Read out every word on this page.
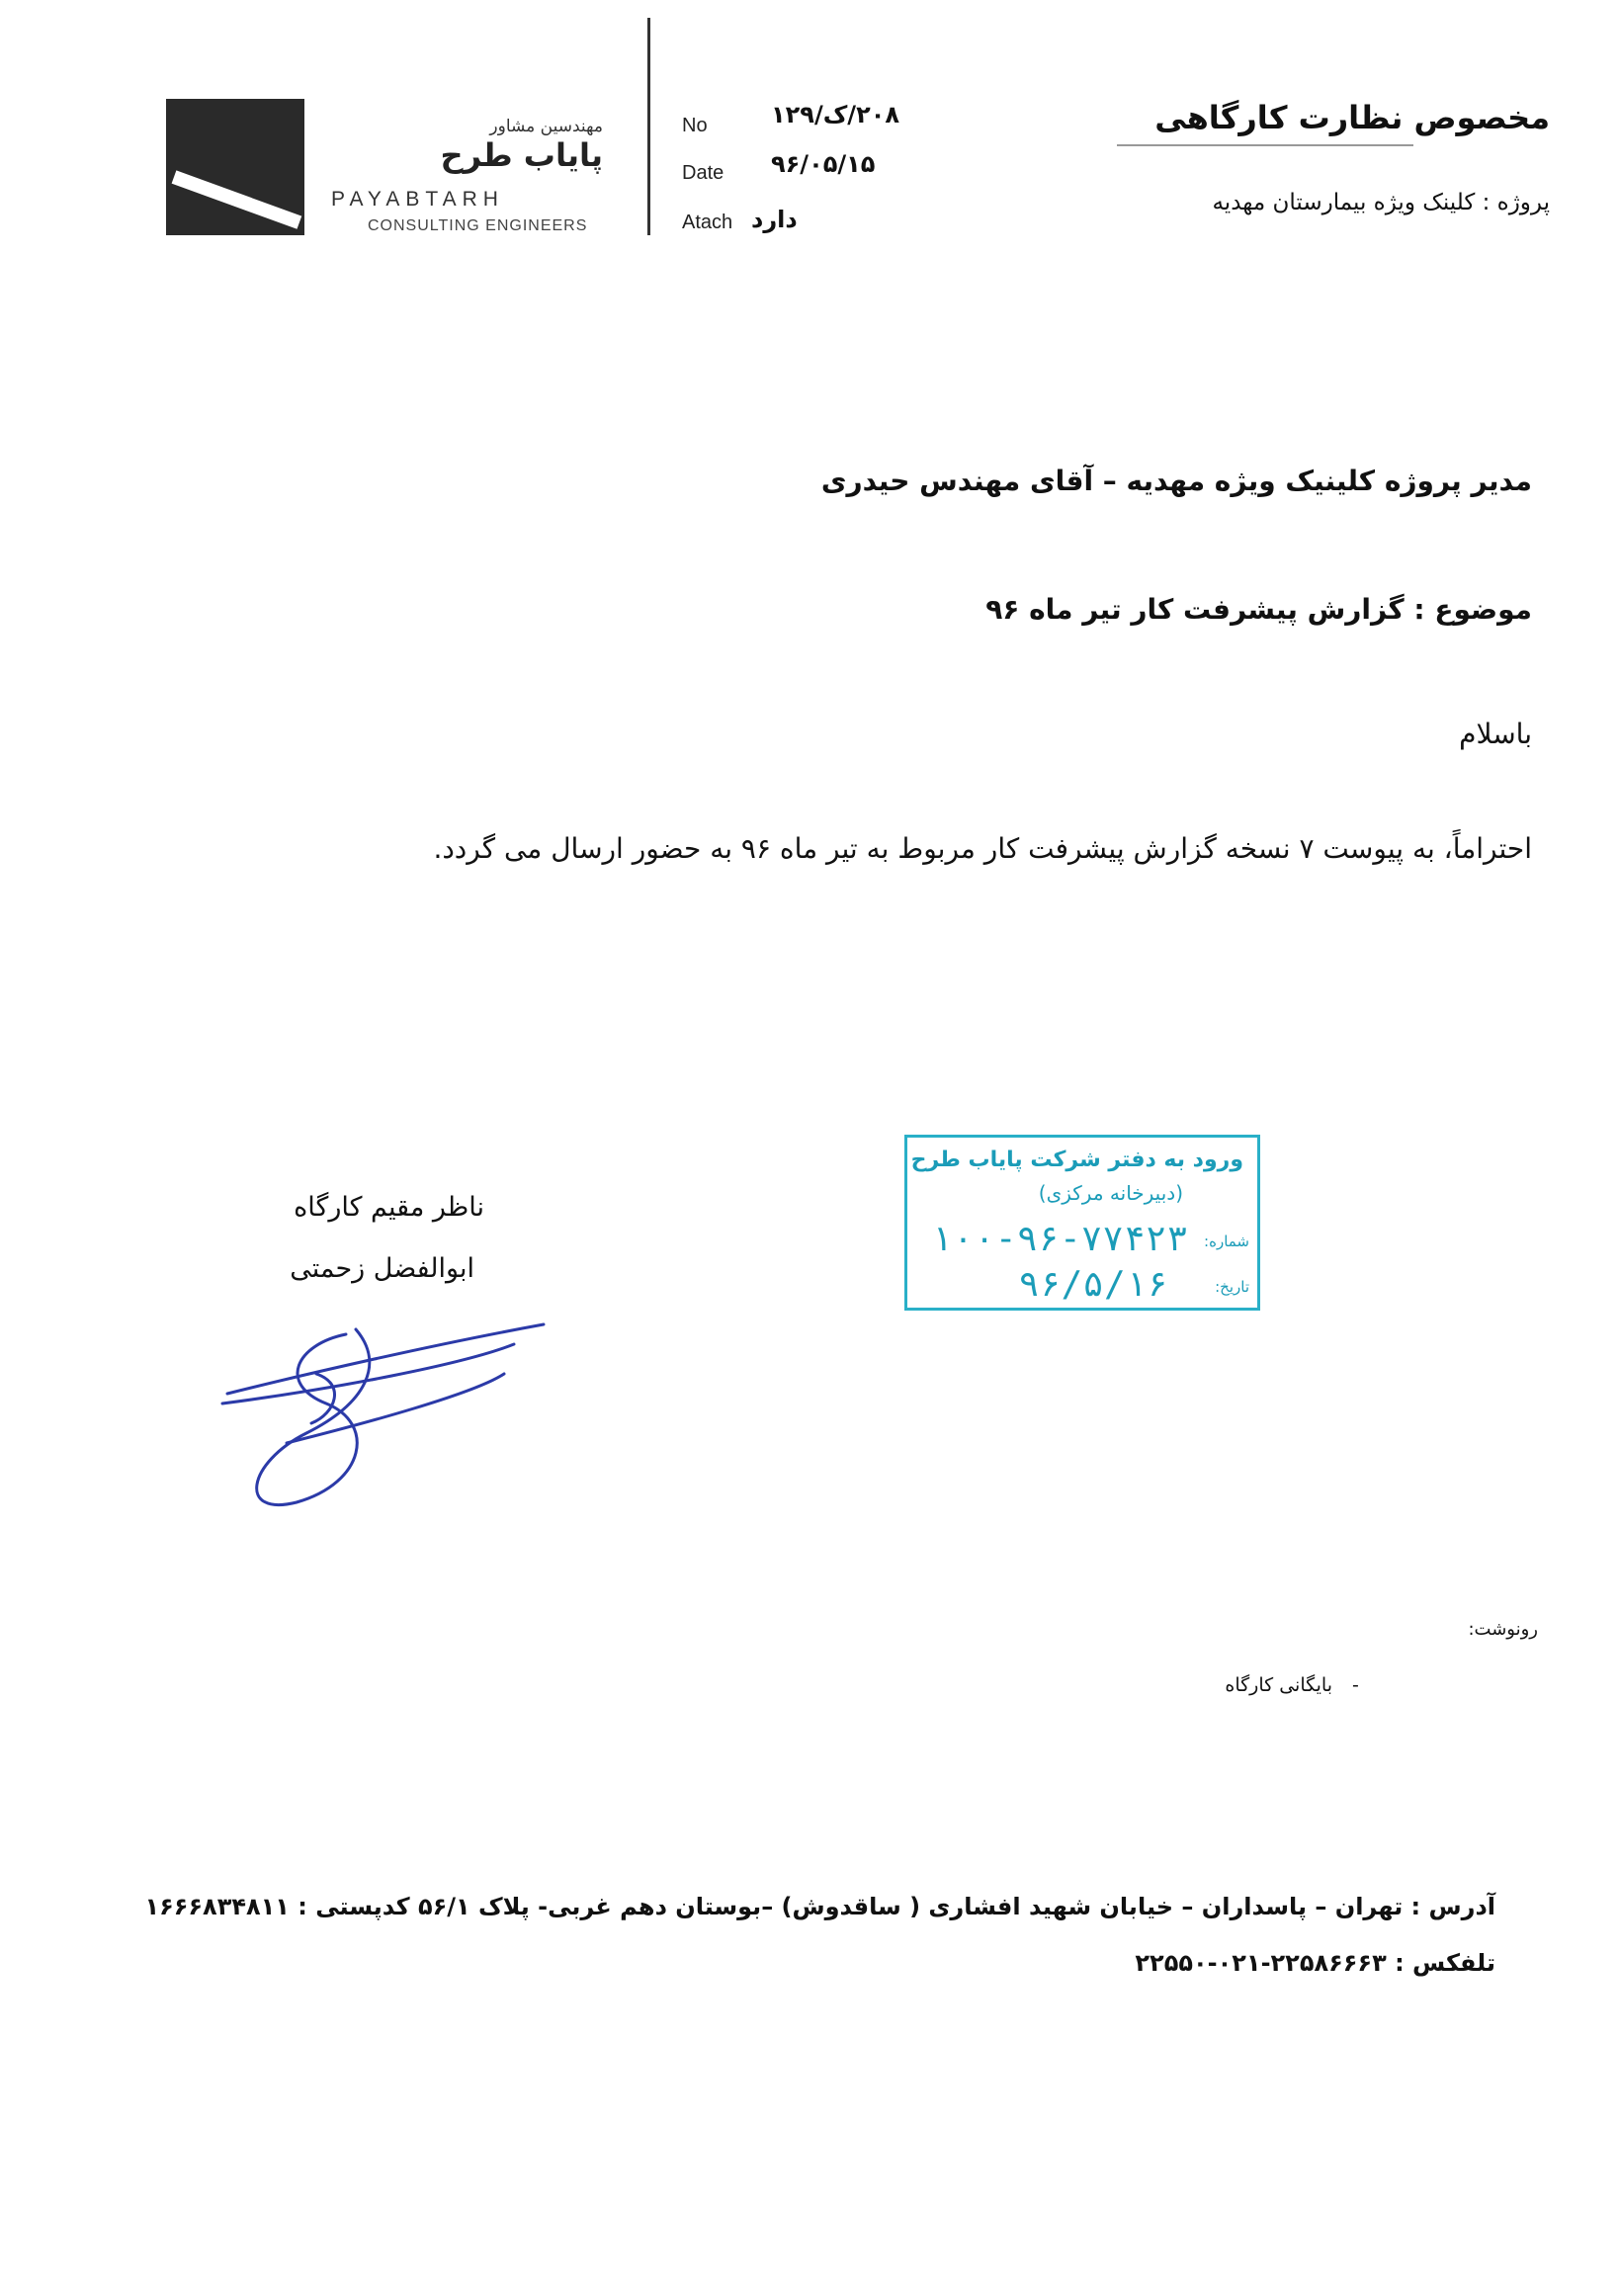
مهندسین مشاور
پایاب طرح
PAYABTARH
CONSULTING ENGINEERS
No	۲۰۸/ک/۱۲۹
Date ۹۶/۰۵/۱۵
Atach دارد
مخصوص نظارت کارگاهی
پروژه : کلینک ویژه بیمارستان مهدیه
مدیر پروژه کلینیک ویژه مهدیه – آقای مهندس حیدری
موضوع : گزارش پیشرفت کار تیر ماه ۹۶
باسلام
احتراماً، به پیوست ۷ نسخه گزارش پیشرفت کار مربوط به تیر ماه ۹۶ به حضور ارسال می گردد.
ناظر مقیم کارگاه
ابوالفضل زحمتی
ورود به دفتر شرکت پایاب طرح
(دبیرخانه مرکزی)
شماره:
۱۰۰-۹۶-۷۷۴۲۳
تاریخ:
۹۶/۵/۱۶
رونوشت:
-
بایگانی کارگاه
آدرس : تهران – پاسداران – خیابان شهید افشاری ( ساقدوش) –بوستان دهم غربی- پلاک ۵۶/۱ کدپستی : ۱۶۶۶۸۳۴۸۱۱
تلفکس : ۲۲۵۸۶۶۶۳-۰۲۱-۲۲۵۵۰
